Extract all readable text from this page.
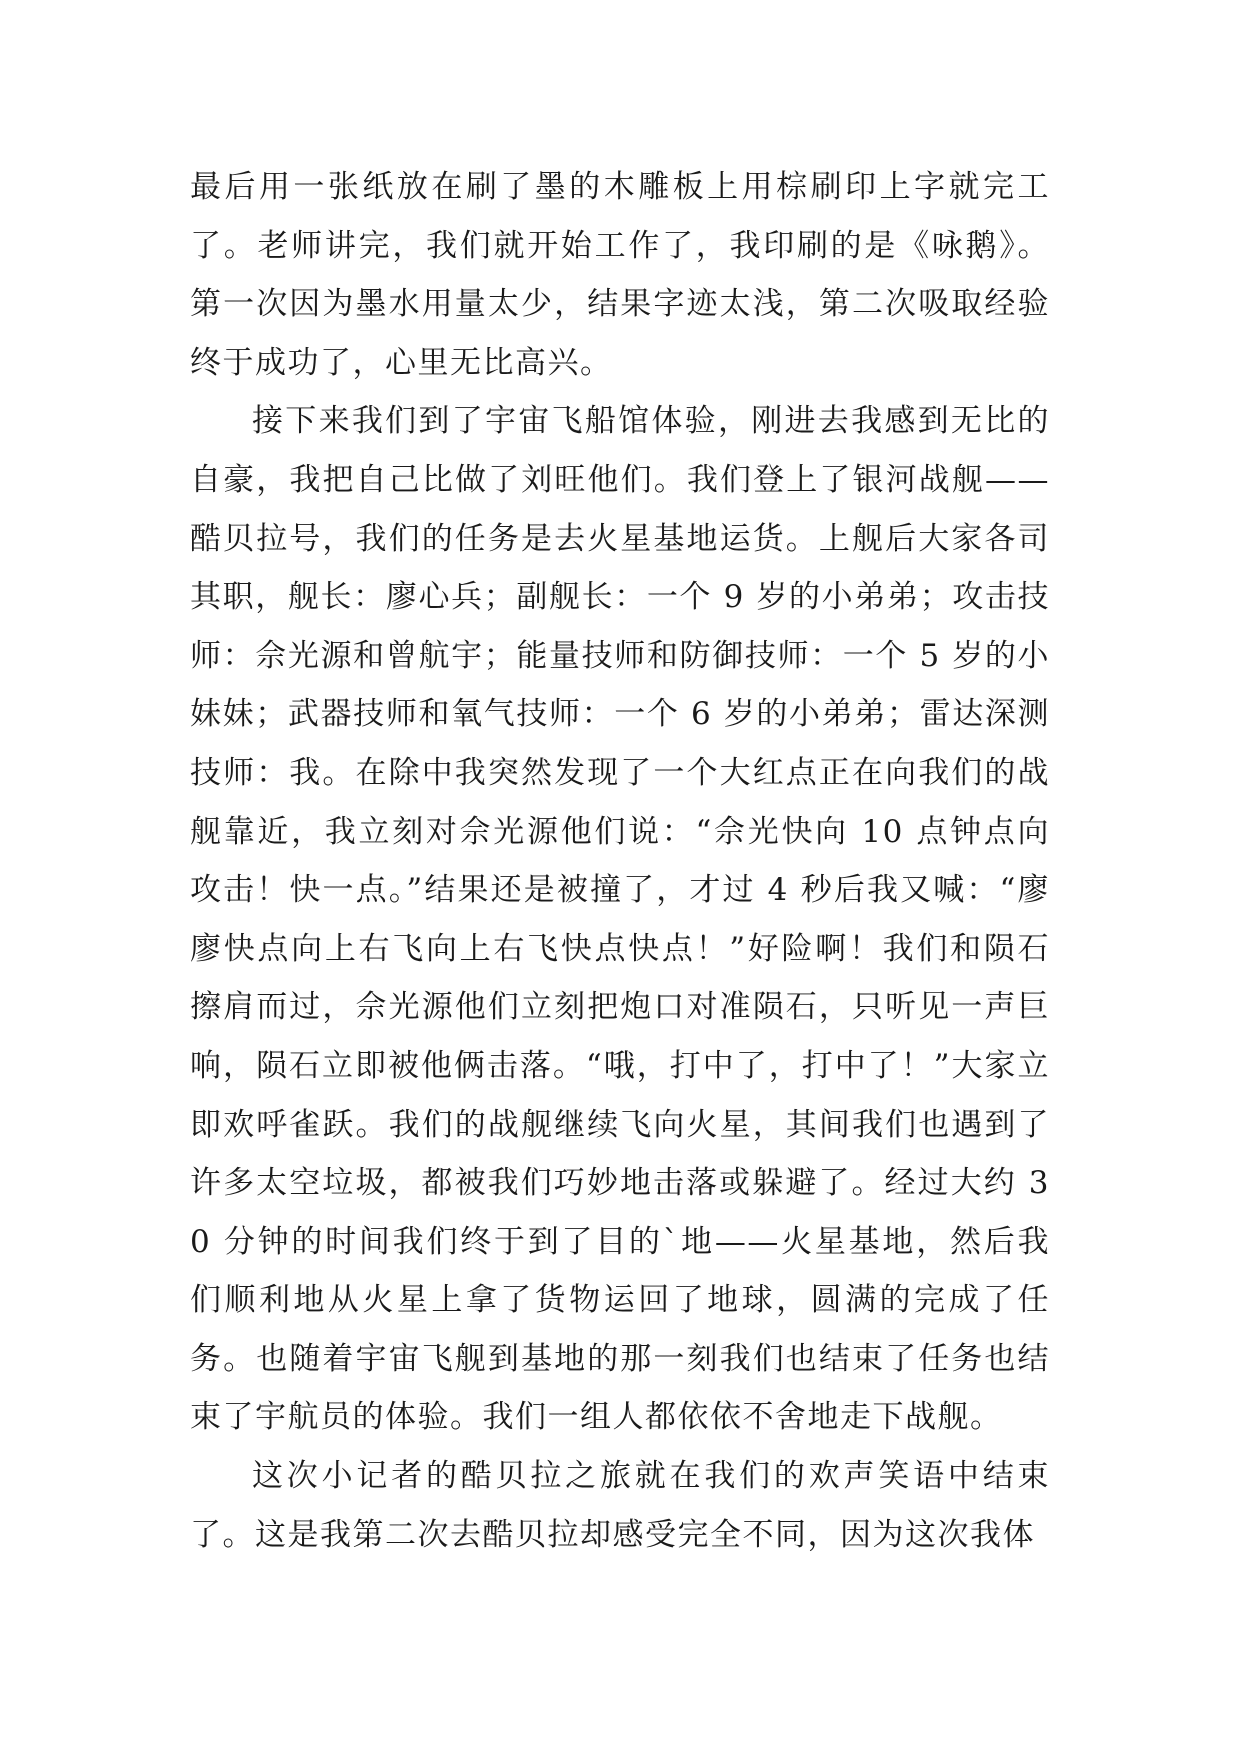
最后用一张纸放在刷了墨的木雕板上用棕刷印上字就完工了。老师讲完，我们就开始工作了，我印刷的是《咏鹅》。第一次因为墨水用量太少，结果字迹太浅，第二次吸取经验终于成功了，心里无比高兴。

接下来我们到了宇宙飞船馆体验，刚进去我感到无比的自豪，我把自己比做了刘旺他们。我们登上了银河战舰——酷贝拉号，我们的任务是去火星基地运货。上舰后大家各司其职，舰长：廖心兵；副舰长：一个 9 岁的小弟弟；攻击技师：佘光源和曾航宇；能量技师和防御技师：一个 5 岁的小妹妹；武器技师和氧气技师：一个 6 岁的小弟弟；雷达深测技师：我。在除中我突然发现了一个大红点正在向我们的战舰靠近，我立刻对佘光源他们说：“佘光快向 10 点钟点向攻击！快一点。”结果还是被撞了，才过 4 秒后我又喊：“廖廖快点向上右飞向上右飞快点快点！”好险啊！我们和陨石擦肩而过，佘光源他们立刻把炮口对准陨石，只听见一声巨响，陨石立即被他俩击落。“哦，打中了，打中了！”大家立即欢呼雀跃。我们的战舰继续飞向火星，其间我们也遇到了许多太空垃圾，都被我们巧妙地击落或躲避了。经过大约 30 分钟的时间我们终于到了目的`地——火星基地，然后我们顺利地从火星上拿了货物运回了地球，圆满的完成了任务。也随着宇宙飞舰到基地的那一刻我们也结束了任务也结束了宇航员的体验。我们一组人都依依不舍地走下战舰。

这次小记者的酷贝拉之旅就在我们的欢声笑语中结束了。这是我第二次去酷贝拉却感受完全不同，因为这次我体
